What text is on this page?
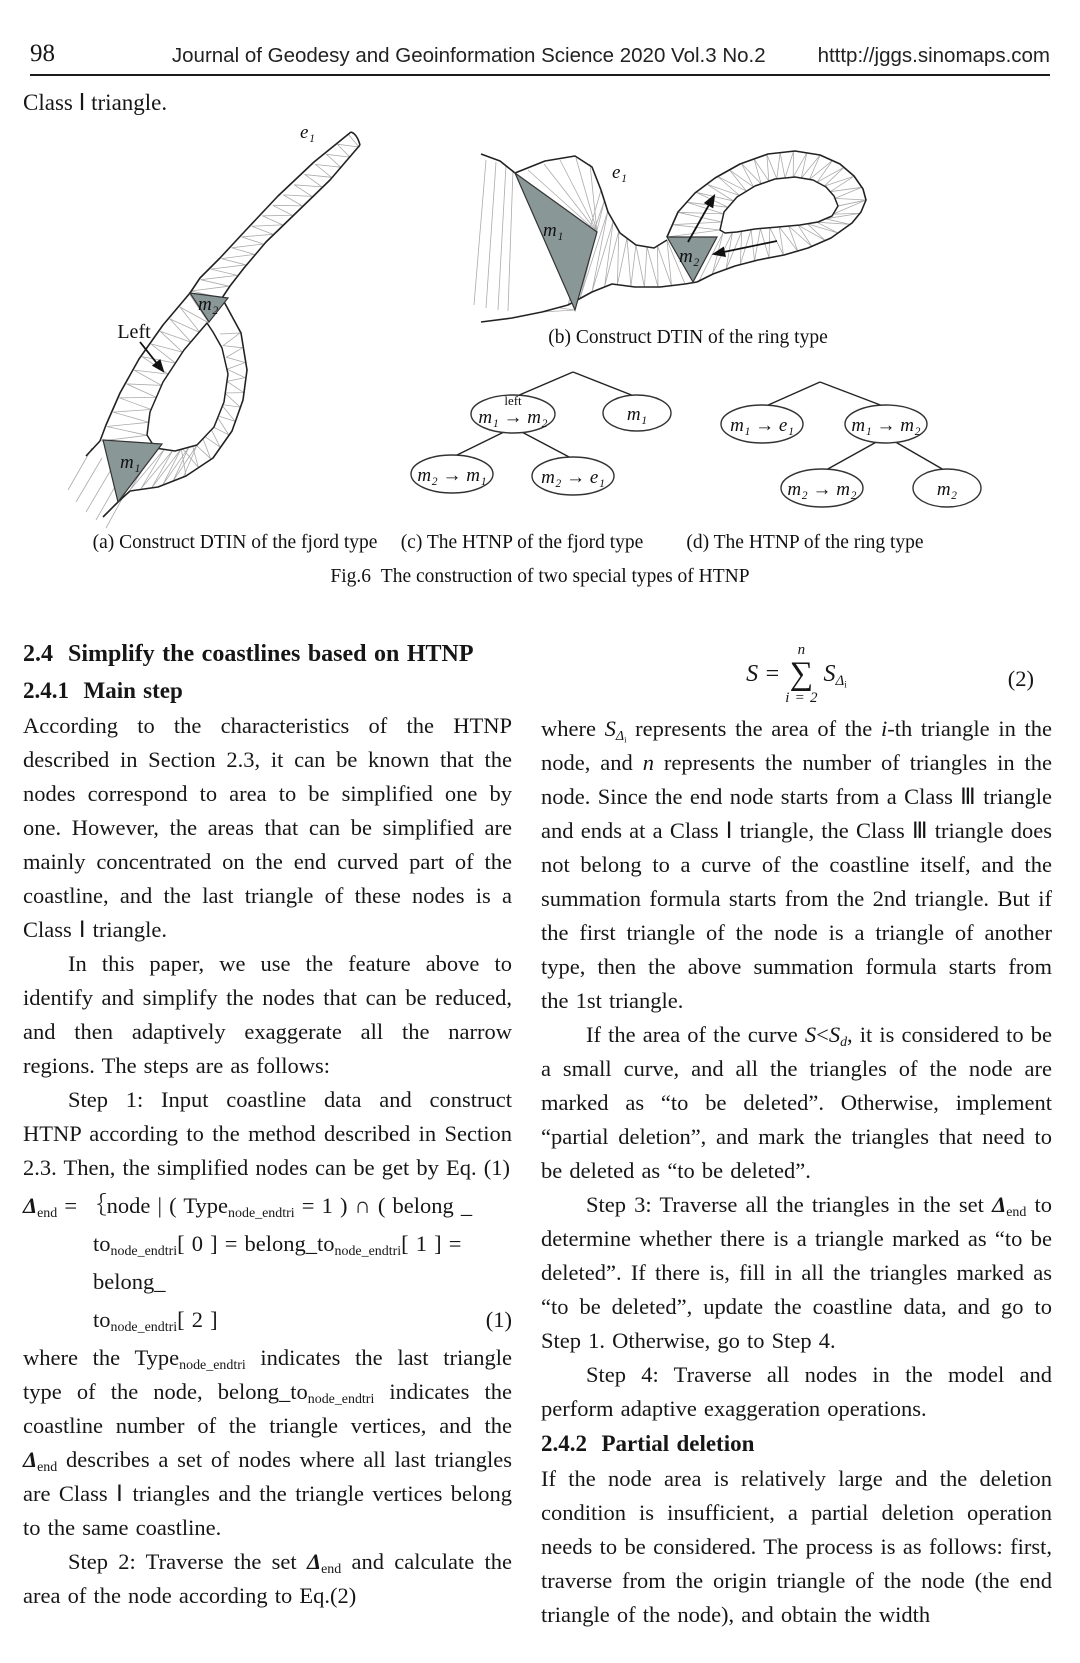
98	Journal of Geodesy and Geoinformation Science 2020 Vol.3 No.2	htttp://jggs.sinomaps.com
Class Ⅰ triangle.
e₁
m₂
m₁
Left
e₁
m₁
m₂
left
m₁ → m₂	m₁
m₂ → m₁	m₂ → e₁
m₁ → e₁	m₁ → m₂
m₂ → m₂	m₂
(a) Construct DTIN of the fjord type
(b) Construct DTIN of the ring type
(c) The HTNP of the fjord type (d) The HTNP of the ring type
Fig.6  The construction of two special types of HTNP
2.4  Simplify the coastlines based on HTNP
2.4.1  Main step

According to the characteristics of the HTNP described in Section 2.3, it can be known that the nodes correspond to area to be simplified one by one. However, the areas that can be simplified are mainly concentrated on the end curved part of the coastline, and the last triangle of these nodes is a Class Ⅰ triangle.

In this paper, we use the feature above to identify and simplify the nodes that can be reduced, and then adaptively exaggerate all the narrow regions. The steps are as follows:

Step 1: Input coastline data and construct HTNP according to the method described in Section 2.3. Then, the simplified nodes can be get by Eq. (1)

$\Delta_{end}$ = ｛node | ( Type$_{node\_endtri}$ = 1 ) ∩ ( belong _
$to_{node\_endtri}$[ 0 ] = $belong\_to_{node\_endtri}$[ 1 ] = belong_
$to_{node\_endtri}$[ 2 ]	(1)

where the Type$_{node\_endtri}$ indicates the last triangle type of the node, $belong\_to_{node\_endtri}$ indicates the coastline number of the triangle vertices, and the $\Delta_{end}$ describes a set of nodes where all last triangles are Class Ⅰ triangles and the triangle vertices belong to the same coastline.

Step 2: Traverse the set $\Delta_{end}$ and calculate the area of the node according to Eq.(2)

S =
n
∑
i = 2
$S_{\Delta_i}$	(2)

where $S_{\Delta_i}$ represents the area of the i-th triangle in the node, and n represents the number of triangles in the node. Since the end node starts from a Class Ⅲ triangle and ends at a Class Ⅰ triangle, the Class Ⅲ triangle does not belong to a curve of the coastline itself, and the summation formula starts from the 2nd triangle. But if the first triangle of the node is a triangle of another type, then the above summation formula starts from the 1st triangle.

If the area of the curve $S<S_d$, it is considered to be a small curve, and all the triangles of the node are marked as “to be deleted”. Otherwise, implement “partial deletion”, and mark the triangles that need to be deleted as “to be deleted”.

Step 3: Traverse all the triangles in the set $\Delta_{end}$ to determine whether there is a triangle marked as “to be deleted”. If there is, fill in all the triangles marked as “to be deleted”, update the coastline data, and go to Step 1. Otherwise, go to Step 4.

Step 4: Traverse all nodes in the model and perform adaptive exaggeration operations.

2.4.2  Partial deletion

If the node area is relatively large and the deletion condition is insufficient, a partial deletion operation needs to be considered. The process is as follows: first, traverse from the origin triangle of the node (the end triangle of the node), and obtain the width
